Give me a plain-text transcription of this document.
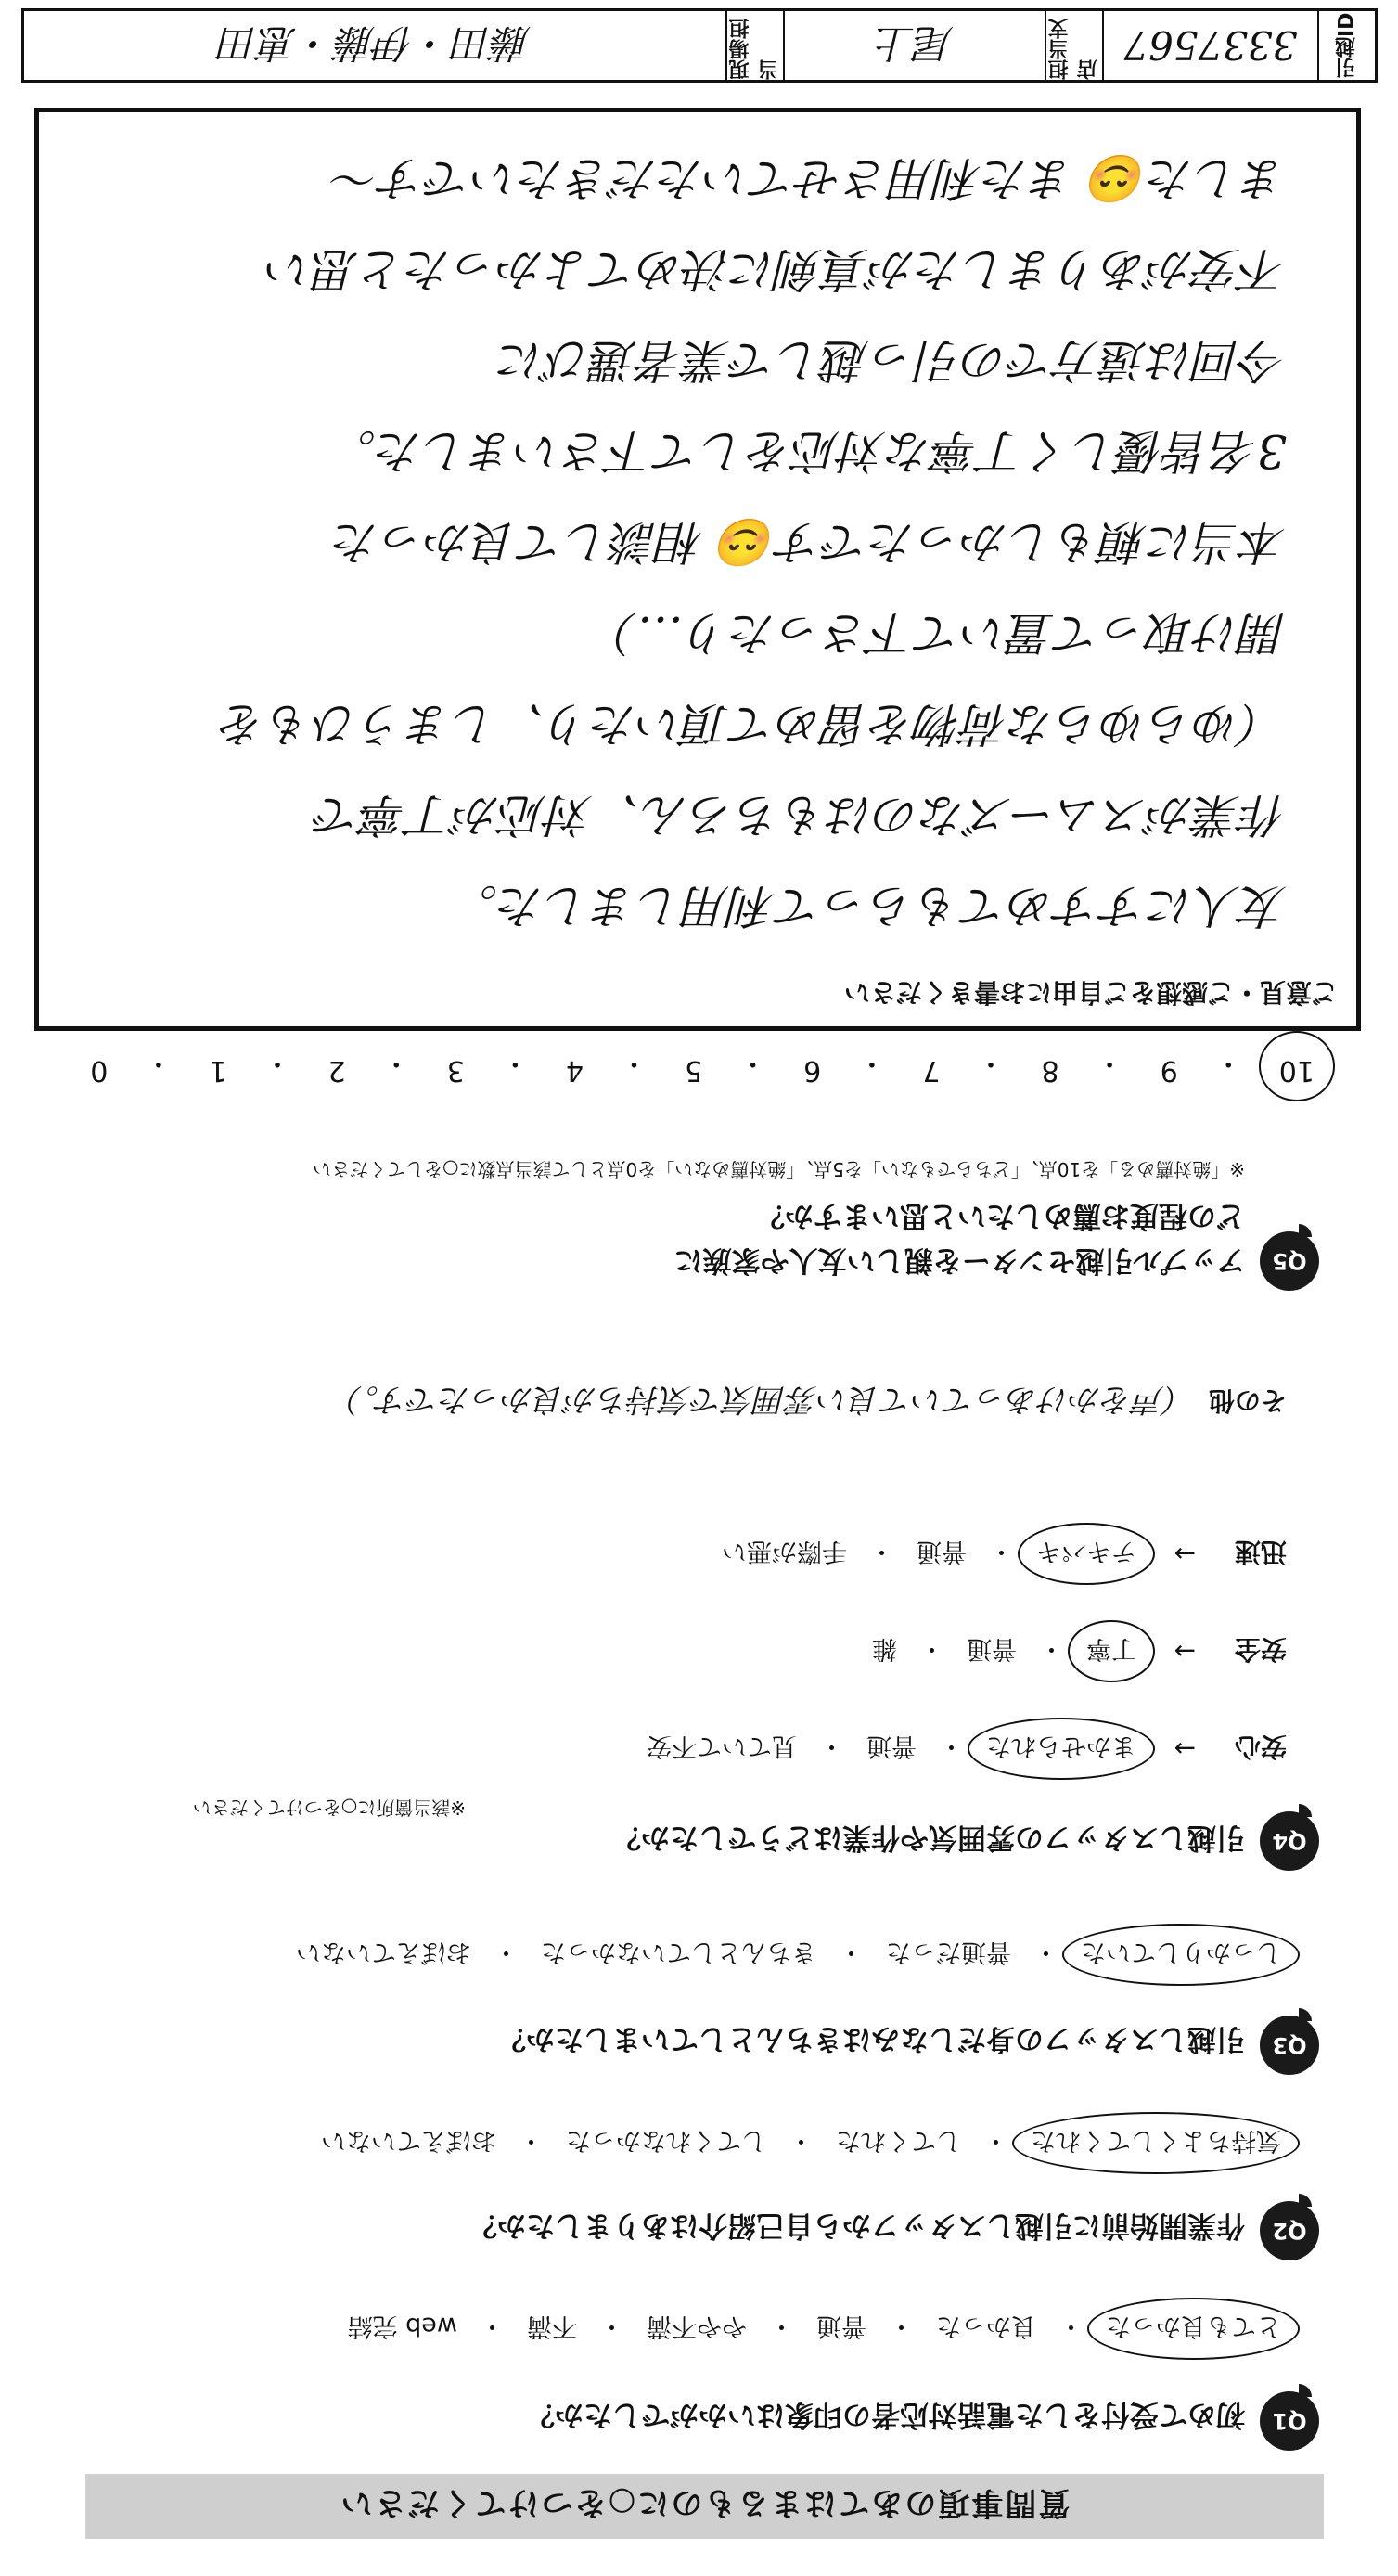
質問事項のあてはまるものに○をつけてください
Q1
初めて受付をした電話対応者の印象はいかがでしたか？
とても良かった
・
良かった
・
普通
・
やや不満
・
不満
・
web 完結
Q2
作業開始前に引越しスタッフから自己紹介はありましたか？
気持ちよくしてくれた
・
してくれた
・
してくれなかった
・
おぼえていない
Q3
引越しスタッフの身だしなみはきちんとしていましたか？
しっかりしていた
・
普通だった
・
きちんとしていなかった
・
おぼえていない
Q4
引越しスタッフの雰囲気や作業はどうでしたか？
※該当箇所に○をつけてください
安心
→
まかせられた
・
普通
・
見ていて不安
安全
→
丁寧
・
普通
・
雑
迅速
→
テキパキ
・
普通
・
手際が悪い
その他
（声をかけあっていて良い雰囲気で気持ちが良かったです。）
Q5
アップル引越センターを親しい友人や家族に
どの程度お薦めしたいと思いますか？
※「絶対薦める」を10点、「どちらでもない」を5点、「絶対薦めない」を0点として該当点数に○をしてください
10
・
9
・
8
・
7
・
6
・
5
・
4
・
3
・
2
・
1
・
0
ご意見・ご感想をご自由にお書きください
引越ID
3337567
担当支店
尾上
現場担当
藤田・伊藤・恵田
友人にすすめてもらって利用しました。
作業がスムーズなのはもちろん、対応が丁寧で
（ゆらゆらな荷物を留めて頂いたり、しまうひもを
開け取って置いて下さったり…）
本当に頼もしかったです😊 相談して良かった
3名皆優しく丁寧な対応をして下さいました。
今回は遠方での引っ越しで業者選びに
不安がありましたが真剣に決めてよかったと思い
ました😊 また利用させていただきたいです〜
